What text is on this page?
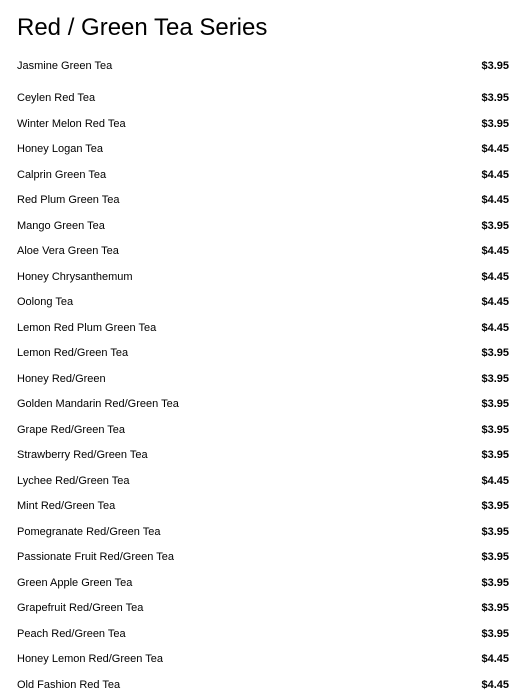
Red / Green Tea Series
Jasmine Green Tea	$3.95
Ceylen Red Tea	$3.95
Winter Melon Red Tea	$3.95
Honey Logan Tea	$4.45
Calprin Green Tea	$4.45
Red Plum Green Tea	$4.45
Mango Green Tea	$3.95
Aloe Vera Green Tea	$4.45
Honey Chrysanthemum	$4.45
Oolong Tea	$4.45
Lemon Red Plum Green Tea	$4.45
Lemon Red/Green Tea	$3.95
Honey Red/Green	$3.95
Golden Mandarin Red/Green Tea	$3.95
Grape Red/Green Tea	$3.95
Strawberry Red/Green Tea	$3.95
Lychee Red/Green Tea	$4.45
Mint Red/Green Tea	$3.95
Pomegranate Red/Green Tea	$3.95
Passionate Fruit Red/Green Tea	$3.95
Green Apple Green Tea	$3.95
Grapefruit Red/Green Tea	$3.95
Peach Red/Green Tea	$3.95
Honey Lemon Red/Green Tea	$4.45
Old Fashion Red Tea	$4.45
